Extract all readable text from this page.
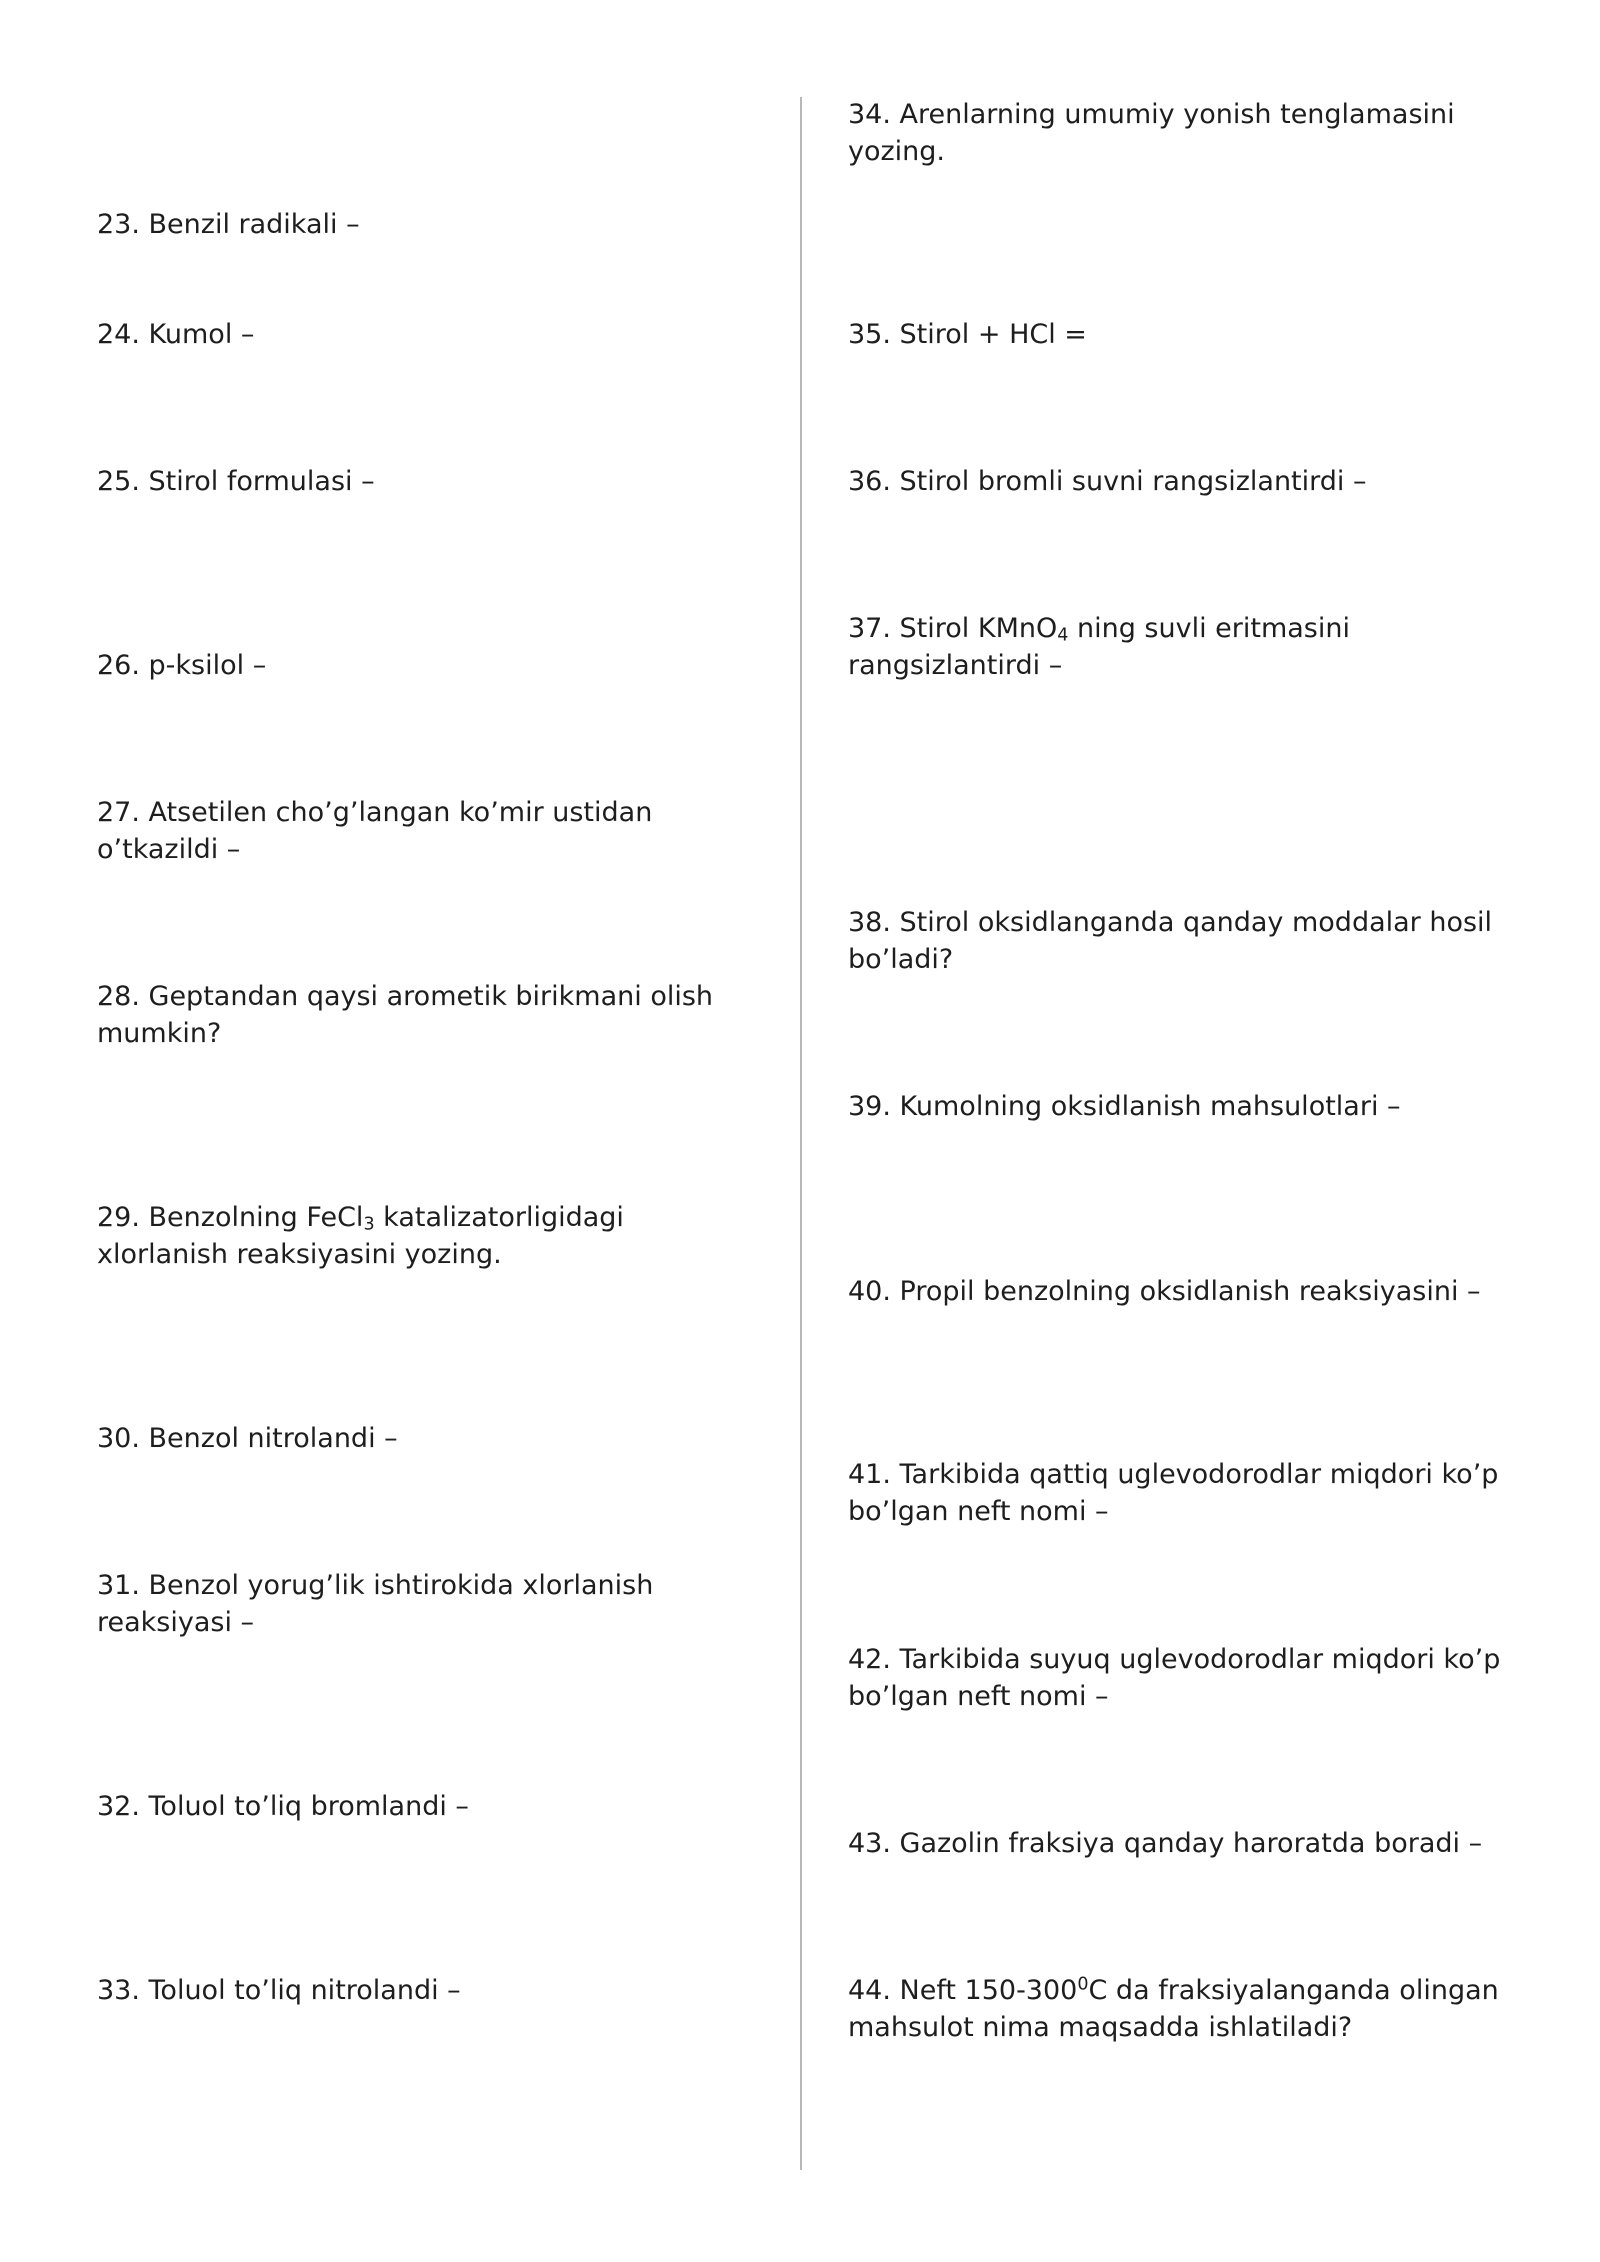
23. Benzil radikali –

24. Kumol –

25. Stirol formulasi –

26. p-ksilol –

27. Atsetilen cho’g’langan ko’mir ustidan o’tkazildi –

28. Geptandan qaysi arometik birikmani olish mumkin?

29. Benzolning FeCl$_3$ katalizatorligidagi xlorlanish reaksiyasini yozing.

30. Benzol nitrolandi –

31. Benzol yorug’lik ishtirokida xlorlanish reaksiyasi –

32. Toluol to’liq bromlandi –

33. Toluol to’liq nitrolandi –

34. Arenlarning umumiy yonish tenglamasini yozing.

35. Stirol + HCl =

36. Stirol bromli suvni rangsizlantirdi –

37. Stirol KMnO$_4$ ning suvli eritmasini rangsizlantirdi –

38. Stirol oksidlanganda qanday moddalar hosil bo’ladi?

39. Kumolning oksidlanish mahsulotlari –

40. Propil benzolning oksidlanish reaksiyasini –

41. Tarkibida qattiq uglevodorodlar miqdori ko’p bo’lgan neft nomi –

42. Tarkibida suyuq uglevodorodlar miqdori ko’p bo’lgan neft nomi –

43. Gazolin fraksiya qanday haroratda boradi –

44. Neft $150-300^0C$ da fraksiyalanganda olingan mahsulot nima maqsadda ishlatiladi?
